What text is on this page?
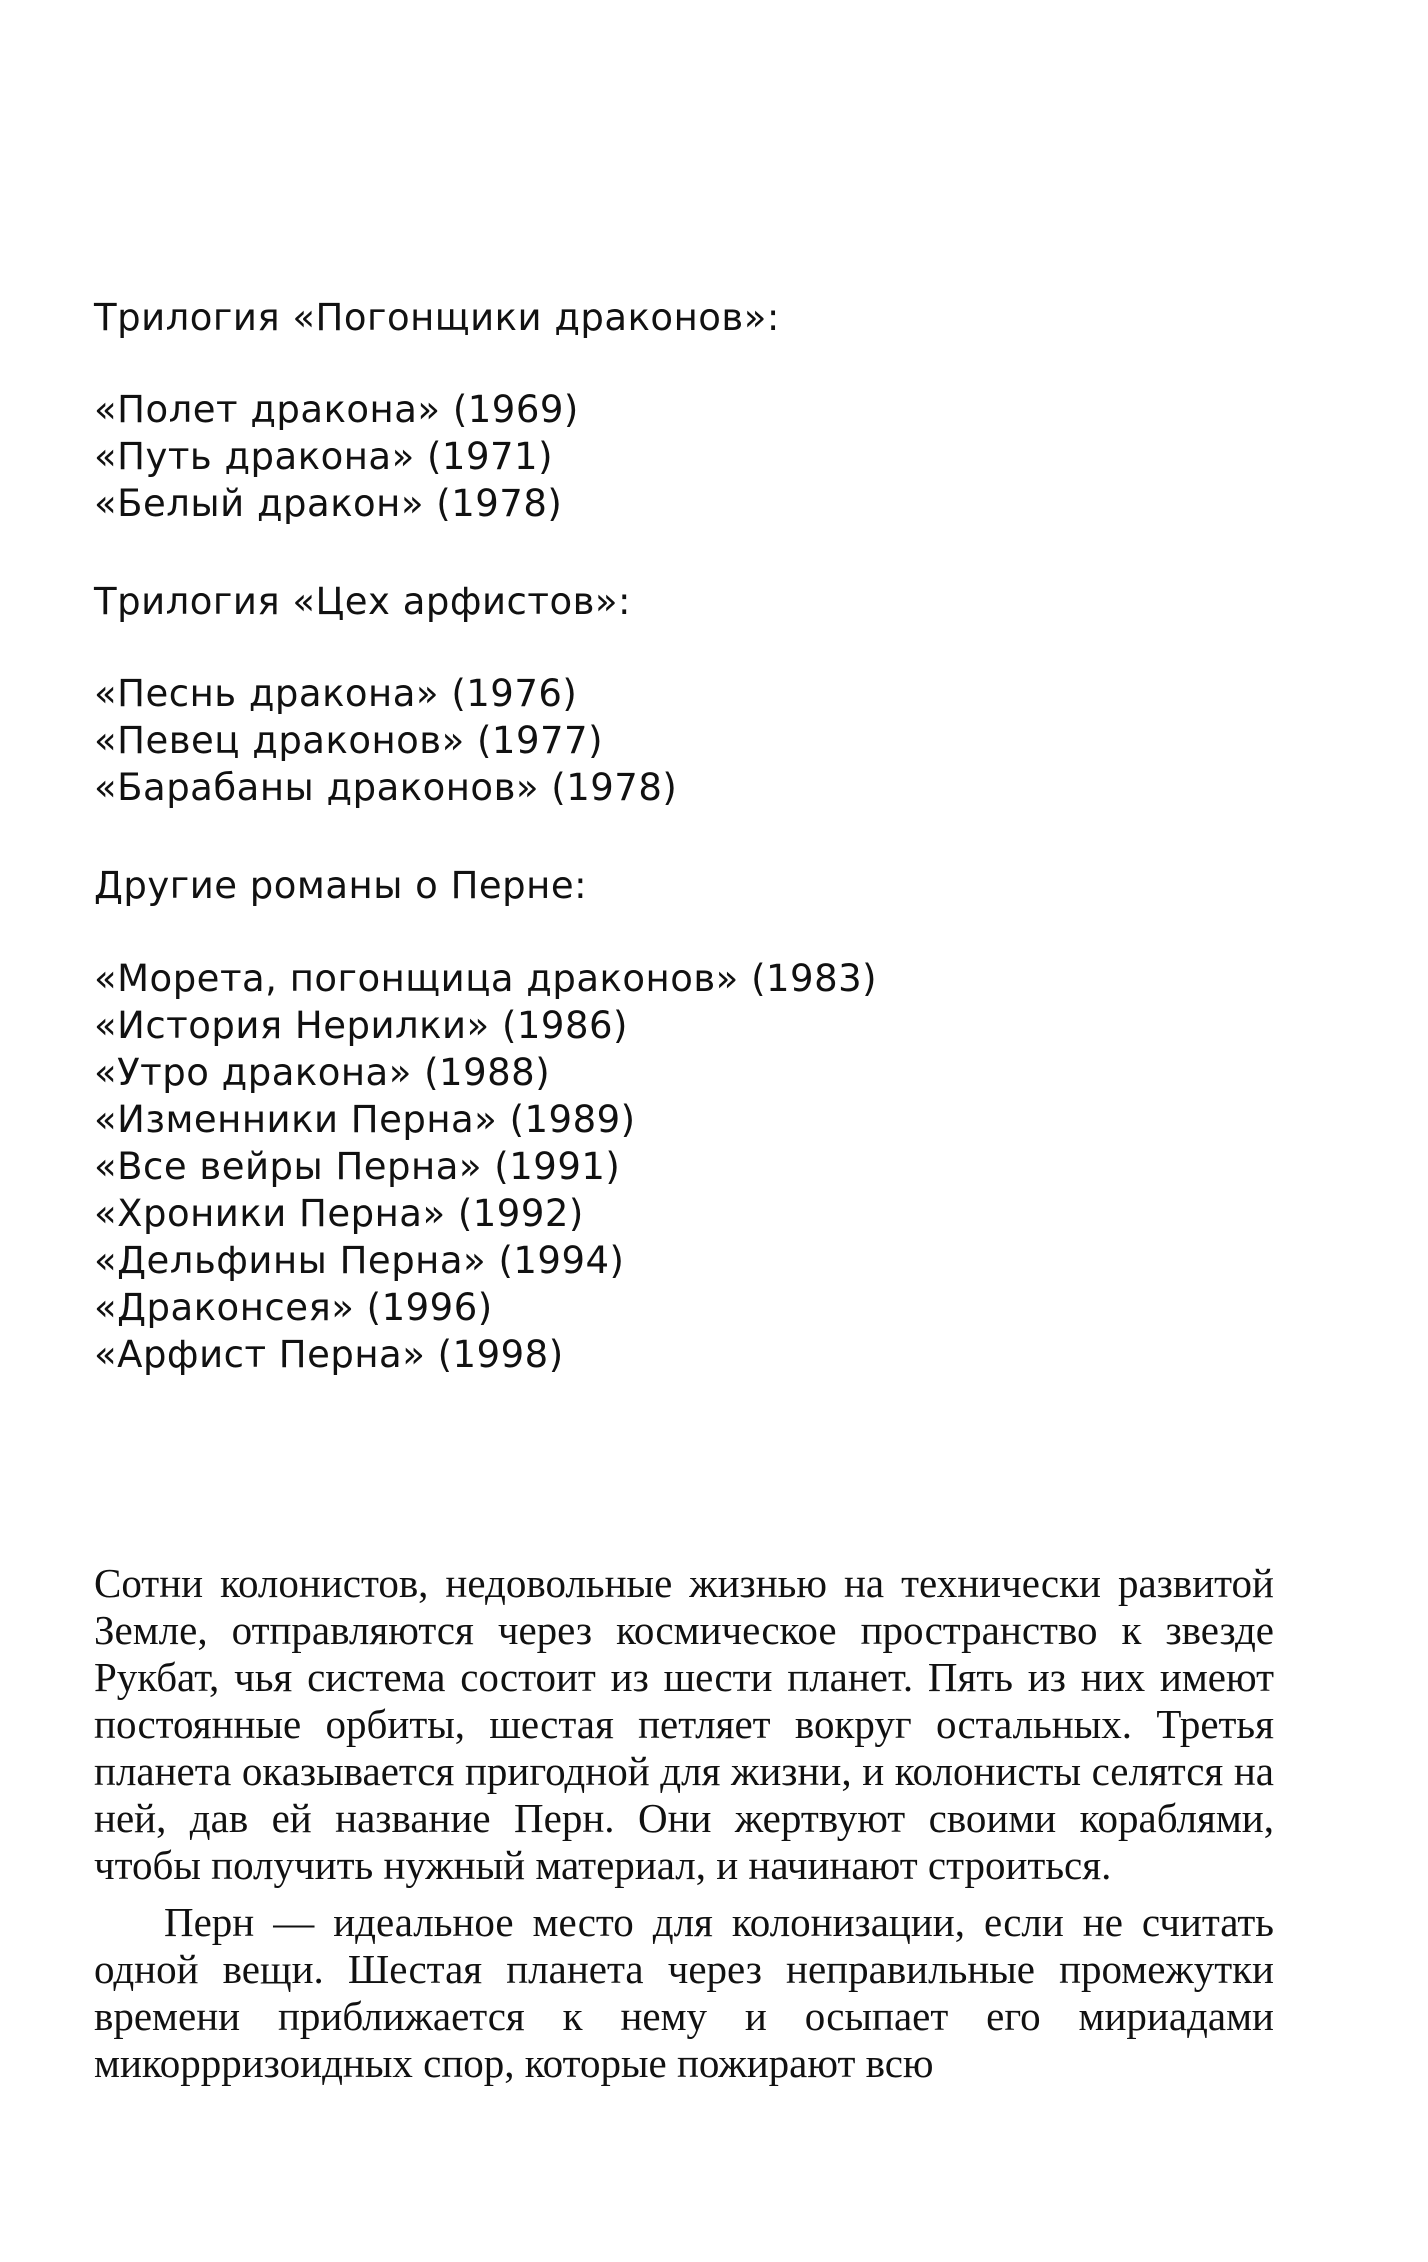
Трилогия «Погонщики драконов»:
«Полет дракона» (1969)
«Путь дракона» (1971)
«Белый дракон» (1978)
Трилогия «Цех арфистов»:
«Песнь дракона» (1976)
«Певец драконов» (1977)
«Барабаны драконов» (1978)
Другие романы о Перне:
«Морета, погонщица драконов» (1983)
«История Нерилки» (1986)
«Утро дракона» (1988)
«Изменники Перна» (1989)
«Все вейры Перна» (1991)
«Хроники Перна» (1992)
«Дельфины Перна» (1994)
«Драконсея» (1996)
«Арфист Перна» (1998)

Сотни колонистов, недовольные жизнью на технически развитой Земле, отправляются через космическое пространство к звезде Рукбат, чья система состоит из шести планет. Пять из них имеют постоянные орбиты, шестая петляет вокруг остальных. Третья планета оказывается пригодной для жизни, и колонисты селятся на ней, дав ей название Перн. Они жертвуют своими кораблями, чтобы получить нужный материал, и начинают строиться.

Перн — идеальное место для колонизации, если не считать одной вещи. Шестая планета через неправильные промежутки времени приближается к нему и осыпает его мириадами микоррризоидных спор, которые пожирают всю
